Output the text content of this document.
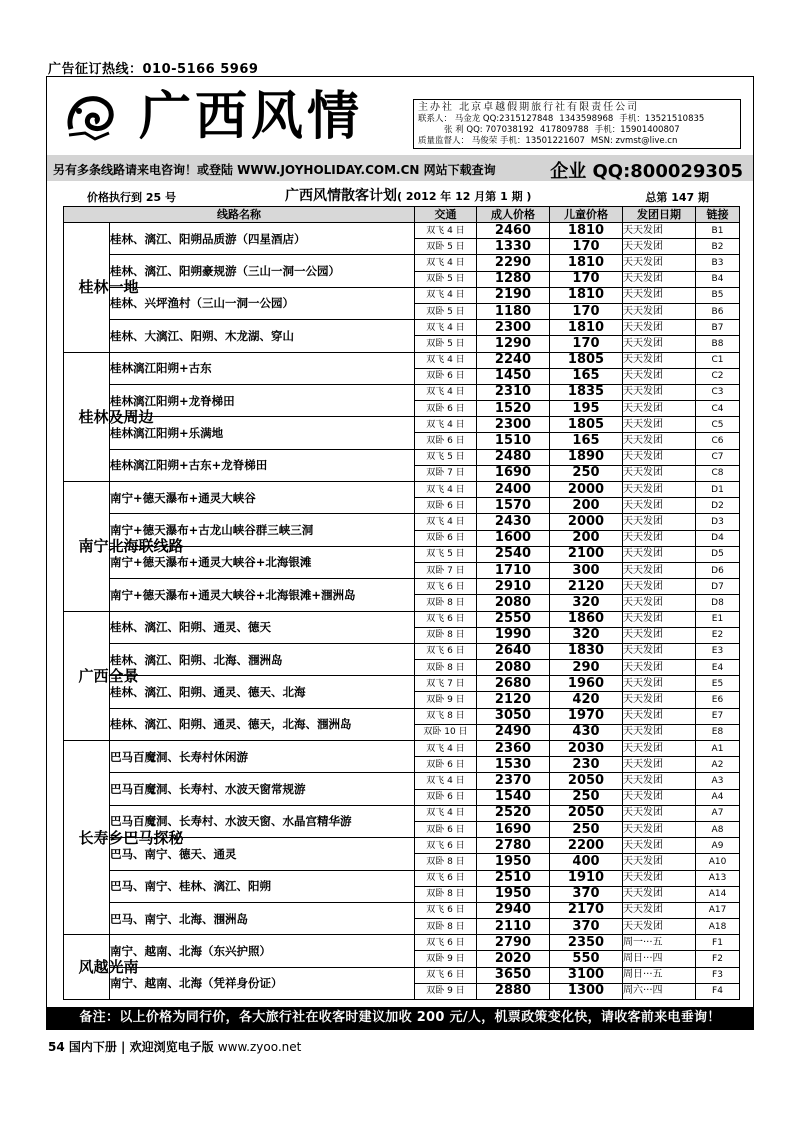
广告征订热线：010-5166 5969
广西风情	主办社 北京卓越假期旅行社有限责任公司
联系人： 马金龙 QQ:2315127848 1343598968 手机：13521510835
张 利 QQ: 707038192 417809788 手机：15901400807
质量监督人： 马俊荣 手机：13501221607 MSN: zvmst@live.cn
另有多条线路请来电咨询！或登陆 WWW.JOYHOLIDAY.COM.CN 网站下载查询	企业 QQ:800029305
价格执行到 25 号	广西风情散客计划( 2012 年 12 月第 1 期 )	总第 147 期
线路名称		交通	成人价格	儿童价格	发团日期	链接
桂林一地	桂林、漓江、阳朔品质游（四星酒店）	双飞 4 日	2460	1810	天天发团	B1
		双卧 5 日	1330	170	天天发团	B2
	桂林、漓江、阳朔豪规游（三山一洞一公园）	双飞 4 日	2290	1810	天天发团	B3
		双卧 5 日	1280	170	天天发团	B4
	桂林、兴坪渔村（三山一洞一公园）	双飞 4 日	2190	1810	天天发团	B5
		双卧 5 日	1180	170	天天发团	B6
	桂林、大漓江、阳朔、木龙湖、穿山	双飞 4 日	2300	1810	天天发团	B7
		双卧 5 日	1290	170	天天发团	B8
桂林及周边	桂林漓江阳朔+古东	双飞 4 日	2240	1805	天天发团	C1
		双卧 6 日	1450	165	天天发团	C2
	桂林漓江阳朔+龙脊梯田	双飞 4 日	2310	1835	天天发团	C3
		双卧 6 日	1520	195	天天发团	C4
	桂林漓江阳朔+乐满地	双飞 4 日	2300	1805	天天发团	C5
		双卧 6 日	1510	165	天天发团	C6
	桂林漓江阳朔+古东+龙脊梯田	双飞 5 日	2480	1890	天天发团	C7
		双卧 7 日	1690	250	天天发团	C8
南宁北海联线路	南宁+德天瀑布+通灵大峡谷	双飞 4 日	2400	2000	天天发团	D1
		双卧 6 日	1570	200	天天发团	D2
	南宁+德天瀑布+古龙山峡谷群三峡三洞	双飞 4 日	2430	2000	天天发团	D3
		双卧 6 日	1600	200	天天发团	D4
	南宁+德天瀑布+通灵大峡谷+北海银滩	双飞 5 日	2540	2100	天天发团	D5
		双卧 7 日	1710	300	天天发团	D6
	南宁+德天瀑布+通灵大峡谷+北海银滩+涠洲岛	双飞 6 日	2910	2120	天天发团	D7
		双卧 8 日	2080	320	天天发团	D8
广西全景	桂林、漓江、阳朔、通灵、德天	双飞 6 日	2550	1860	天天发团	E1
		双卧 8 日	1990	320	天天发团	E2
	桂林、漓江、阳朔、北海、涠洲岛	双飞 6 日	2640	1830	天天发团	E3
		双卧 8 日	2080	290	天天发团	E4
	桂林、漓江、阳朔、通灵、德天、北海	双飞 7 日	2680	1960	天天发团	E5
		双卧 9 日	2120	420	天天发团	E6
	桂林、漓江、阳朔、通灵、德天，北海、涠洲岛	双飞 8 日	3050	1970	天天发团	E7
		双卧 10 日	2490	430	天天发团	E8
长寿乡巴马探秘	巴马百魔洞、长寿村休闲游	双飞 4 日	2360	2030	天天发团	A1
		双卧 6 日	1530	230	天天发团	A2
	巴马百魔洞、长寿村、水波天窗常规游	双飞 4 日	2370	2050	天天发团	A3
		双卧 6 日	1540	250	天天发团	A4
	巴马百魔洞、长寿村、水波天窗、水晶宫精华游	双飞 4 日	2520	2050	天天发团	A7
		双卧 6 日	1690	250	天天发团	A8
	巴马、南宁、德天、通灵	双飞 6 日	2780	2200	天天发团	A9
		双卧 8 日	1950	400	天天发团	A10
	巴马、南宁、桂林、漓江、阳朔	双飞 6 日	2510	1910	天天发团	A13
		双卧 8 日	1950	370	天天发团	A14
	巴马、南宁、北海、涠洲岛	双飞 6 日	2940	2170	天天发团	A17
		双卧 8 日	2110	370	天天发团	A18
风越光南	南宁、越南、北海（东兴护照）	双飞 6 日	2790	2350	周一···五	F1
		双卧 9 日	2020	550	周日···四	F2
	南宁、越南、北海（凭祥身份证）	双飞 6 日	3650	3100	周日···五	F3
		双卧 9 日	2880	1300	周六···四	F4
备注：以上价格为同行价，各大旅行社在收客时建议加收 200 元/人，机票政策变化快，请收客前来电垂询！
54 国内下册 | 欢迎浏览电子版 www.zyoo.net
